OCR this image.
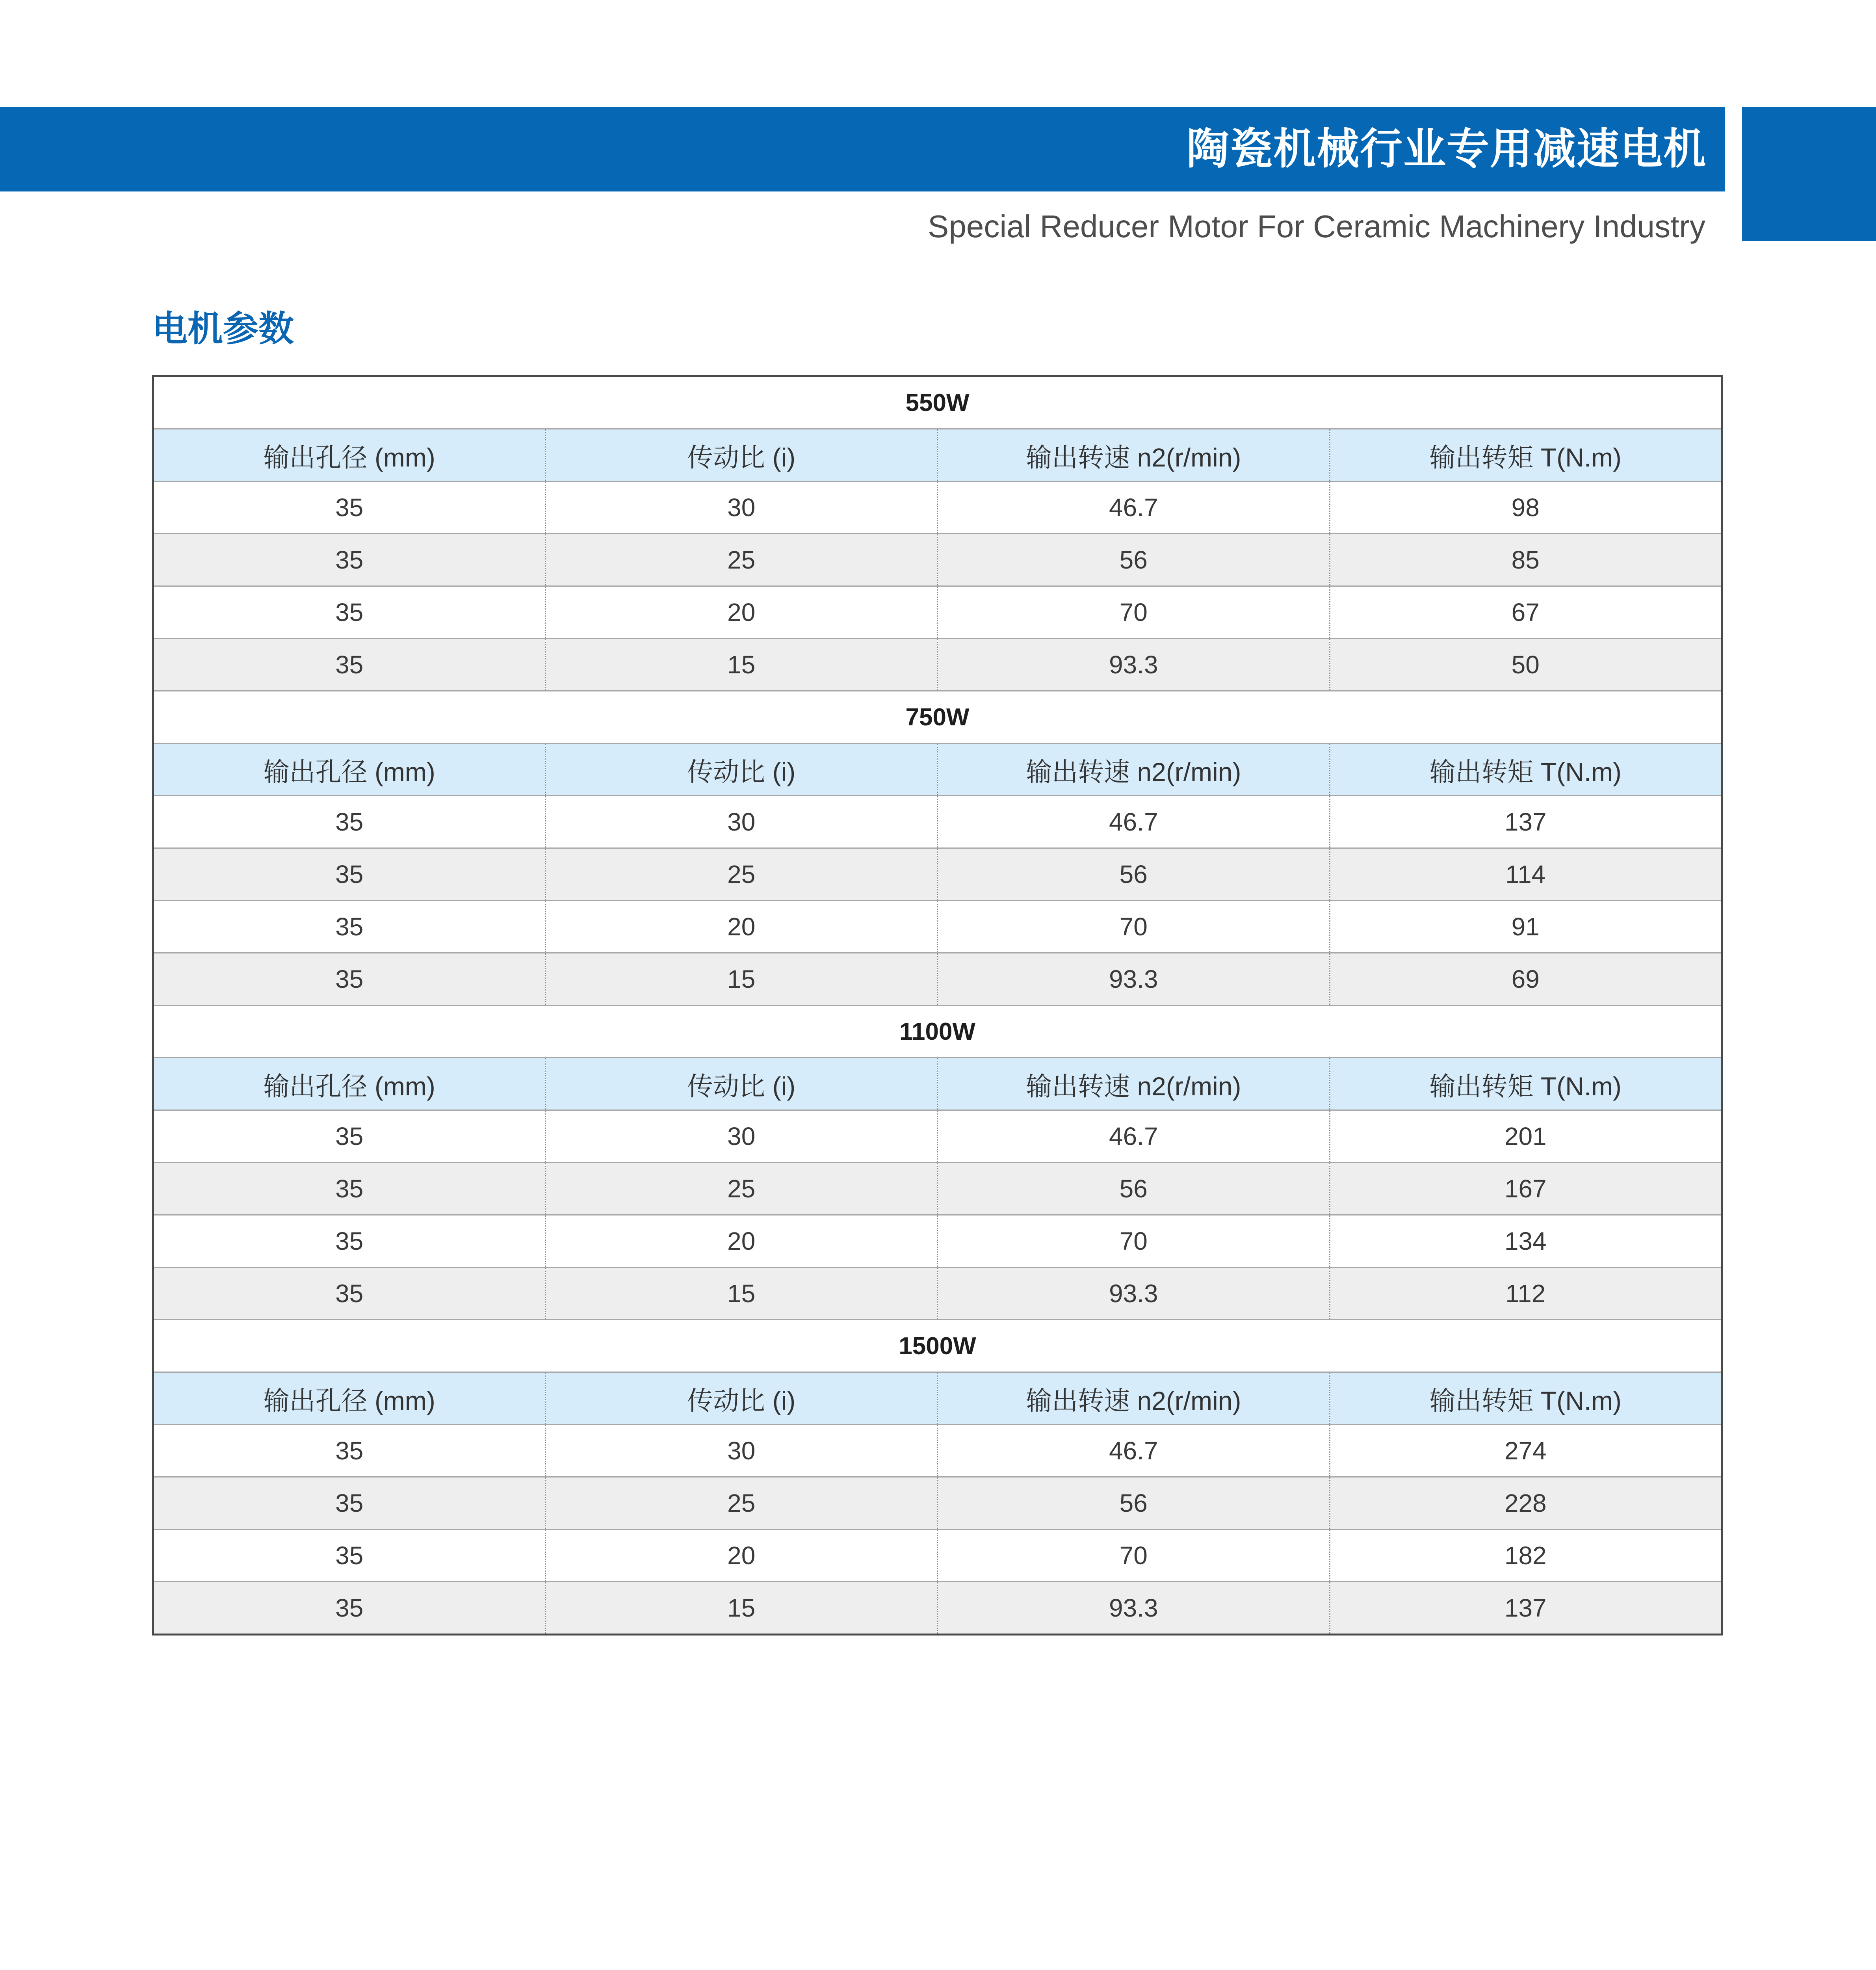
陶瓷机械行业专用减速电机
Special Reducer Motor For Ceramic Machinery Industry
电机参数
550W			
输出孔径 (mm)	传动比 (i)	输出转速 n2(r/min)	输出转矩 T(N.m)
35	30	46.7	98
35	25	56	85
35	20	70	67
35	15	93.3	50
750W			
输出孔径 (mm)	传动比 (i)	输出转速 n2(r/min)	输出转矩 T(N.m)
35	30	46.7	137
35	25	56	114
35	20	70	91
35	15	93.3	69
1100W			
输出孔径 (mm)	传动比 (i)	输出转速 n2(r/min)	输出转矩 T(N.m)
35	30	46.7	201
35	25	56	167
35	20	70	134
35	15	93.3	112
1500W			
输出孔径 (mm)	传动比 (i)	输出转速 n2(r/min)	输出转矩 T(N.m)
35	30	46.7	274
35	25	56	228
35	20	70	182
35	15	93.3	137
